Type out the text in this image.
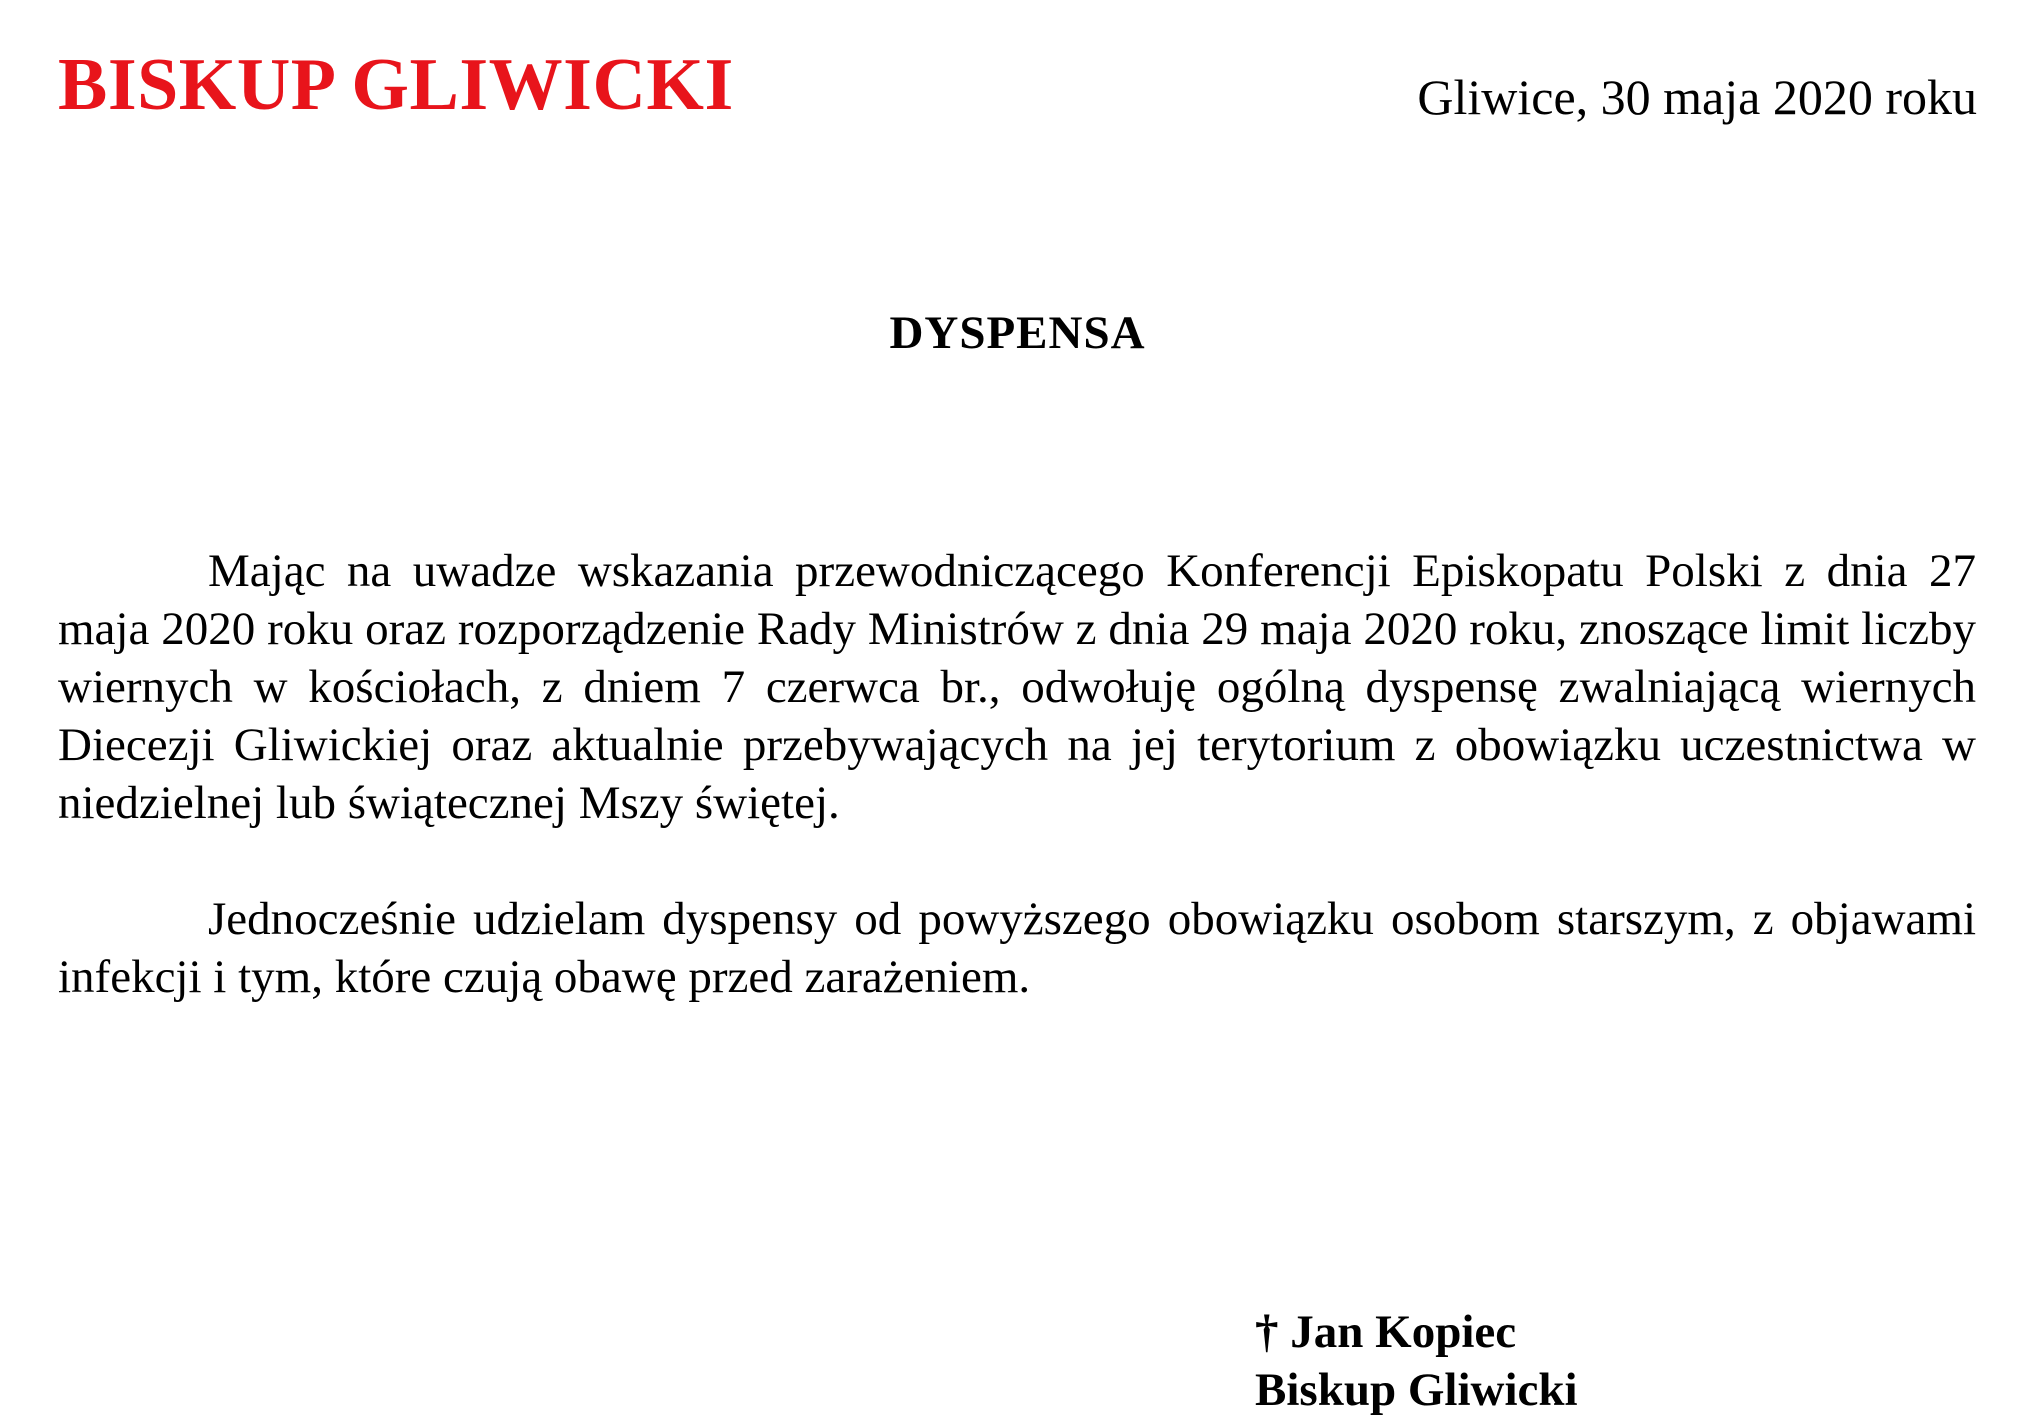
BISKUP GLIWICKI	Gliwice, 30 maja 2020 roku
DYSPENSA

Mając na uwadze wskazania przewodniczącego Konferencji Episkopatu Polski z dnia 27 maja 2020 roku oraz rozporządzenie Rady Ministrów z dnia 29 maja 2020 roku, znoszące limit liczby wiernych w kościołach, z dniem 7 czerwca br., odwołuję ogólną dyspensę zwalniającą wiernych Diecezji Gliwickiej oraz aktualnie przebywających na jej terytorium z obowiązku uczestnictwa w niedzielnej lub świątecznej Mszy świętej.

Jednocześnie udzielam dyspensy od powyższego obowiązku osobom starszym, z objawami infekcji i tym, które czują obawę przed zarażeniem.

† Jan Kopiec
Biskup Gliwicki
